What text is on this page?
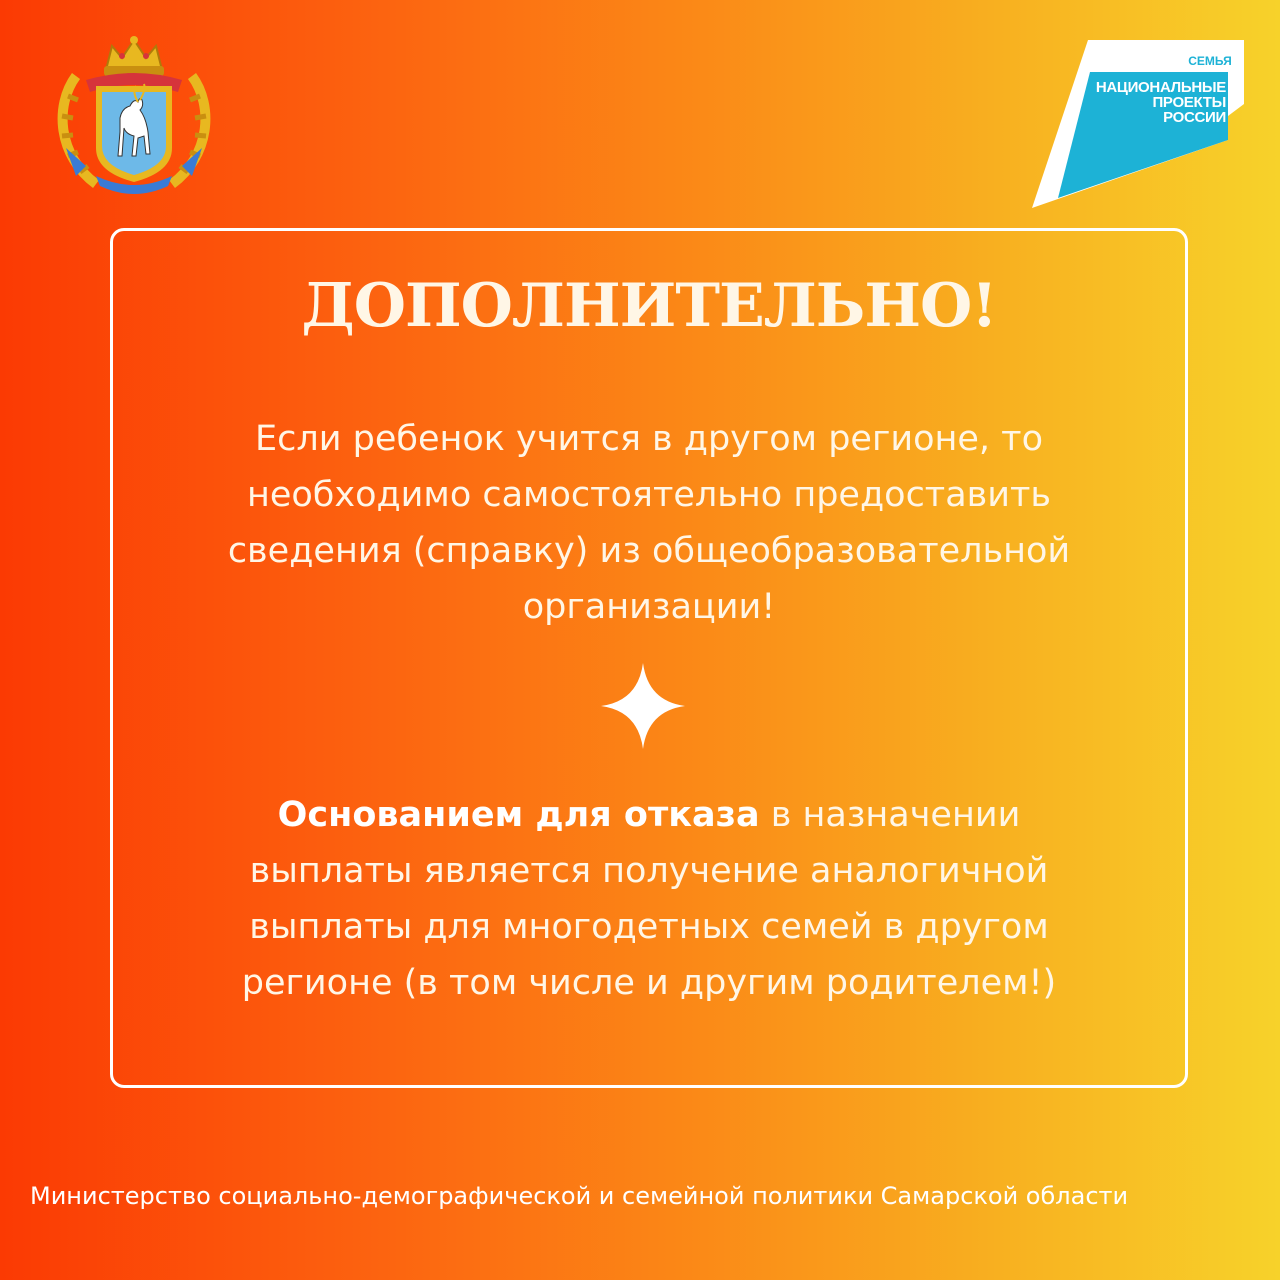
СЕМЬЯ
НАЦИОНАЛЬНЫЕ
ПРОЕКТЫ
РОССИИ
ДОПОЛНИТЕЛЬНО!
Если ребенок учится в другом регионе, то
необходимо самостоятельно предоставить
сведения (справку) из общеобразовательной
организации!
Основанием для отказа в назначении
выплаты является получение аналогичной
выплаты для многодетных семей в другом
регионе (в том числе и другим родителем!)
Министерство социально-демографической и семейной политики Самарской области
